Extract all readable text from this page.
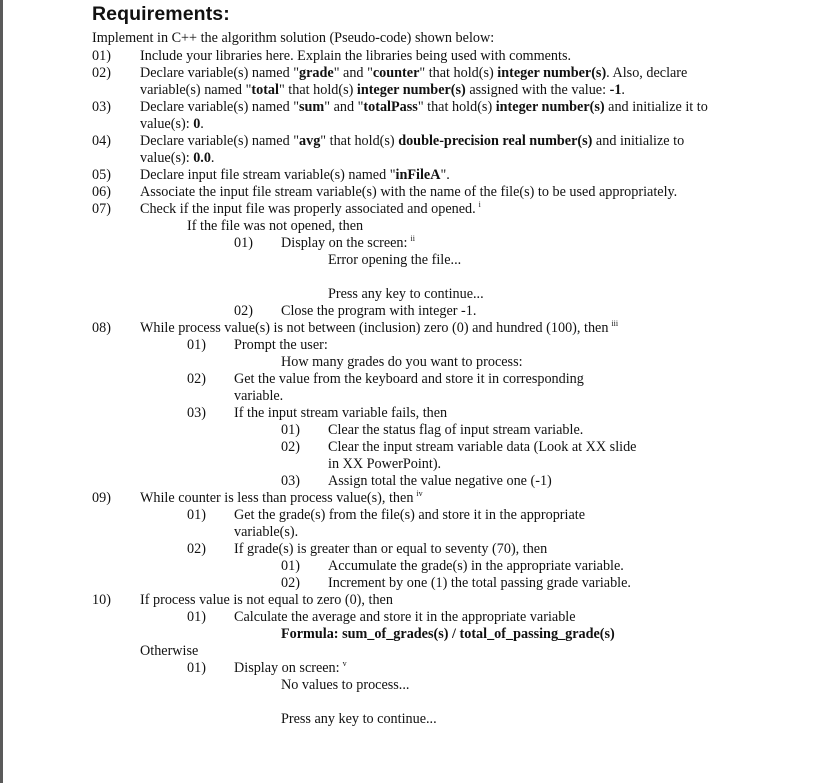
Requirements:
Implement in C++ the algorithm solution (Pseudo-code) shown below:
01) Include your libraries here. Explain the libraries being used with comments.
02) Declare variable(s) named "grade" and "counter" that hold(s) integer number(s). Also, declare
variable(s) named "total" that hold(s) integer number(s) assigned with the value: -1.
03) Declare variable(s) named "sum" and "totalPass" that hold(s) integer number(s) and initialize it to
value(s): 0.
04) Declare variable(s) named "avg" that hold(s) double-precision real number(s) and initialize to
value(s): 0.0.
05) Declare input file stream variable(s) named "inFileA".
06) Associate the input file stream variable(s) with the name of the file(s) to be used appropriately.
07) Check if the input file was properly associated and opened. $^i$
If the file was not opened, then
01) Display on the screen: $^{ii}$
Error opening the file...
Press any key to continue...
02) Close the program with integer -1.
08) While process value(s) is not between (inclusion) zero (0) and hundred (100), then $^{iii}$
01) Prompt the user:
How many grades do you want to process:
02) Get the value from the keyboard and store it in corresponding
variable.
03) If the input stream variable fails, then
01) Clear the status flag of input stream variable.
02) Clear the input stream variable data (Look at XX slide
in XX PowerPoint).
03) Assign total the value negative one (-1)
09) While counter is less than process value(s), then $^{iv}$
01) Get the grade(s) from the file(s) and store it in the appropriate
variable(s).
02) If grade(s) is greater than or equal to seventy (70), then
01) Accumulate the grade(s) in the appropriate variable.
02) Increment by one (1) the total passing grade variable.
10) If process value is not equal to zero (0), then
01) Calculate the average and store it in the appropriate variable
Formula: sum_of_grades(s) / total_of_passing_grade(s)
Otherwise
01) Display on screen: $^v$
No values to process...
Press any key to continue...
